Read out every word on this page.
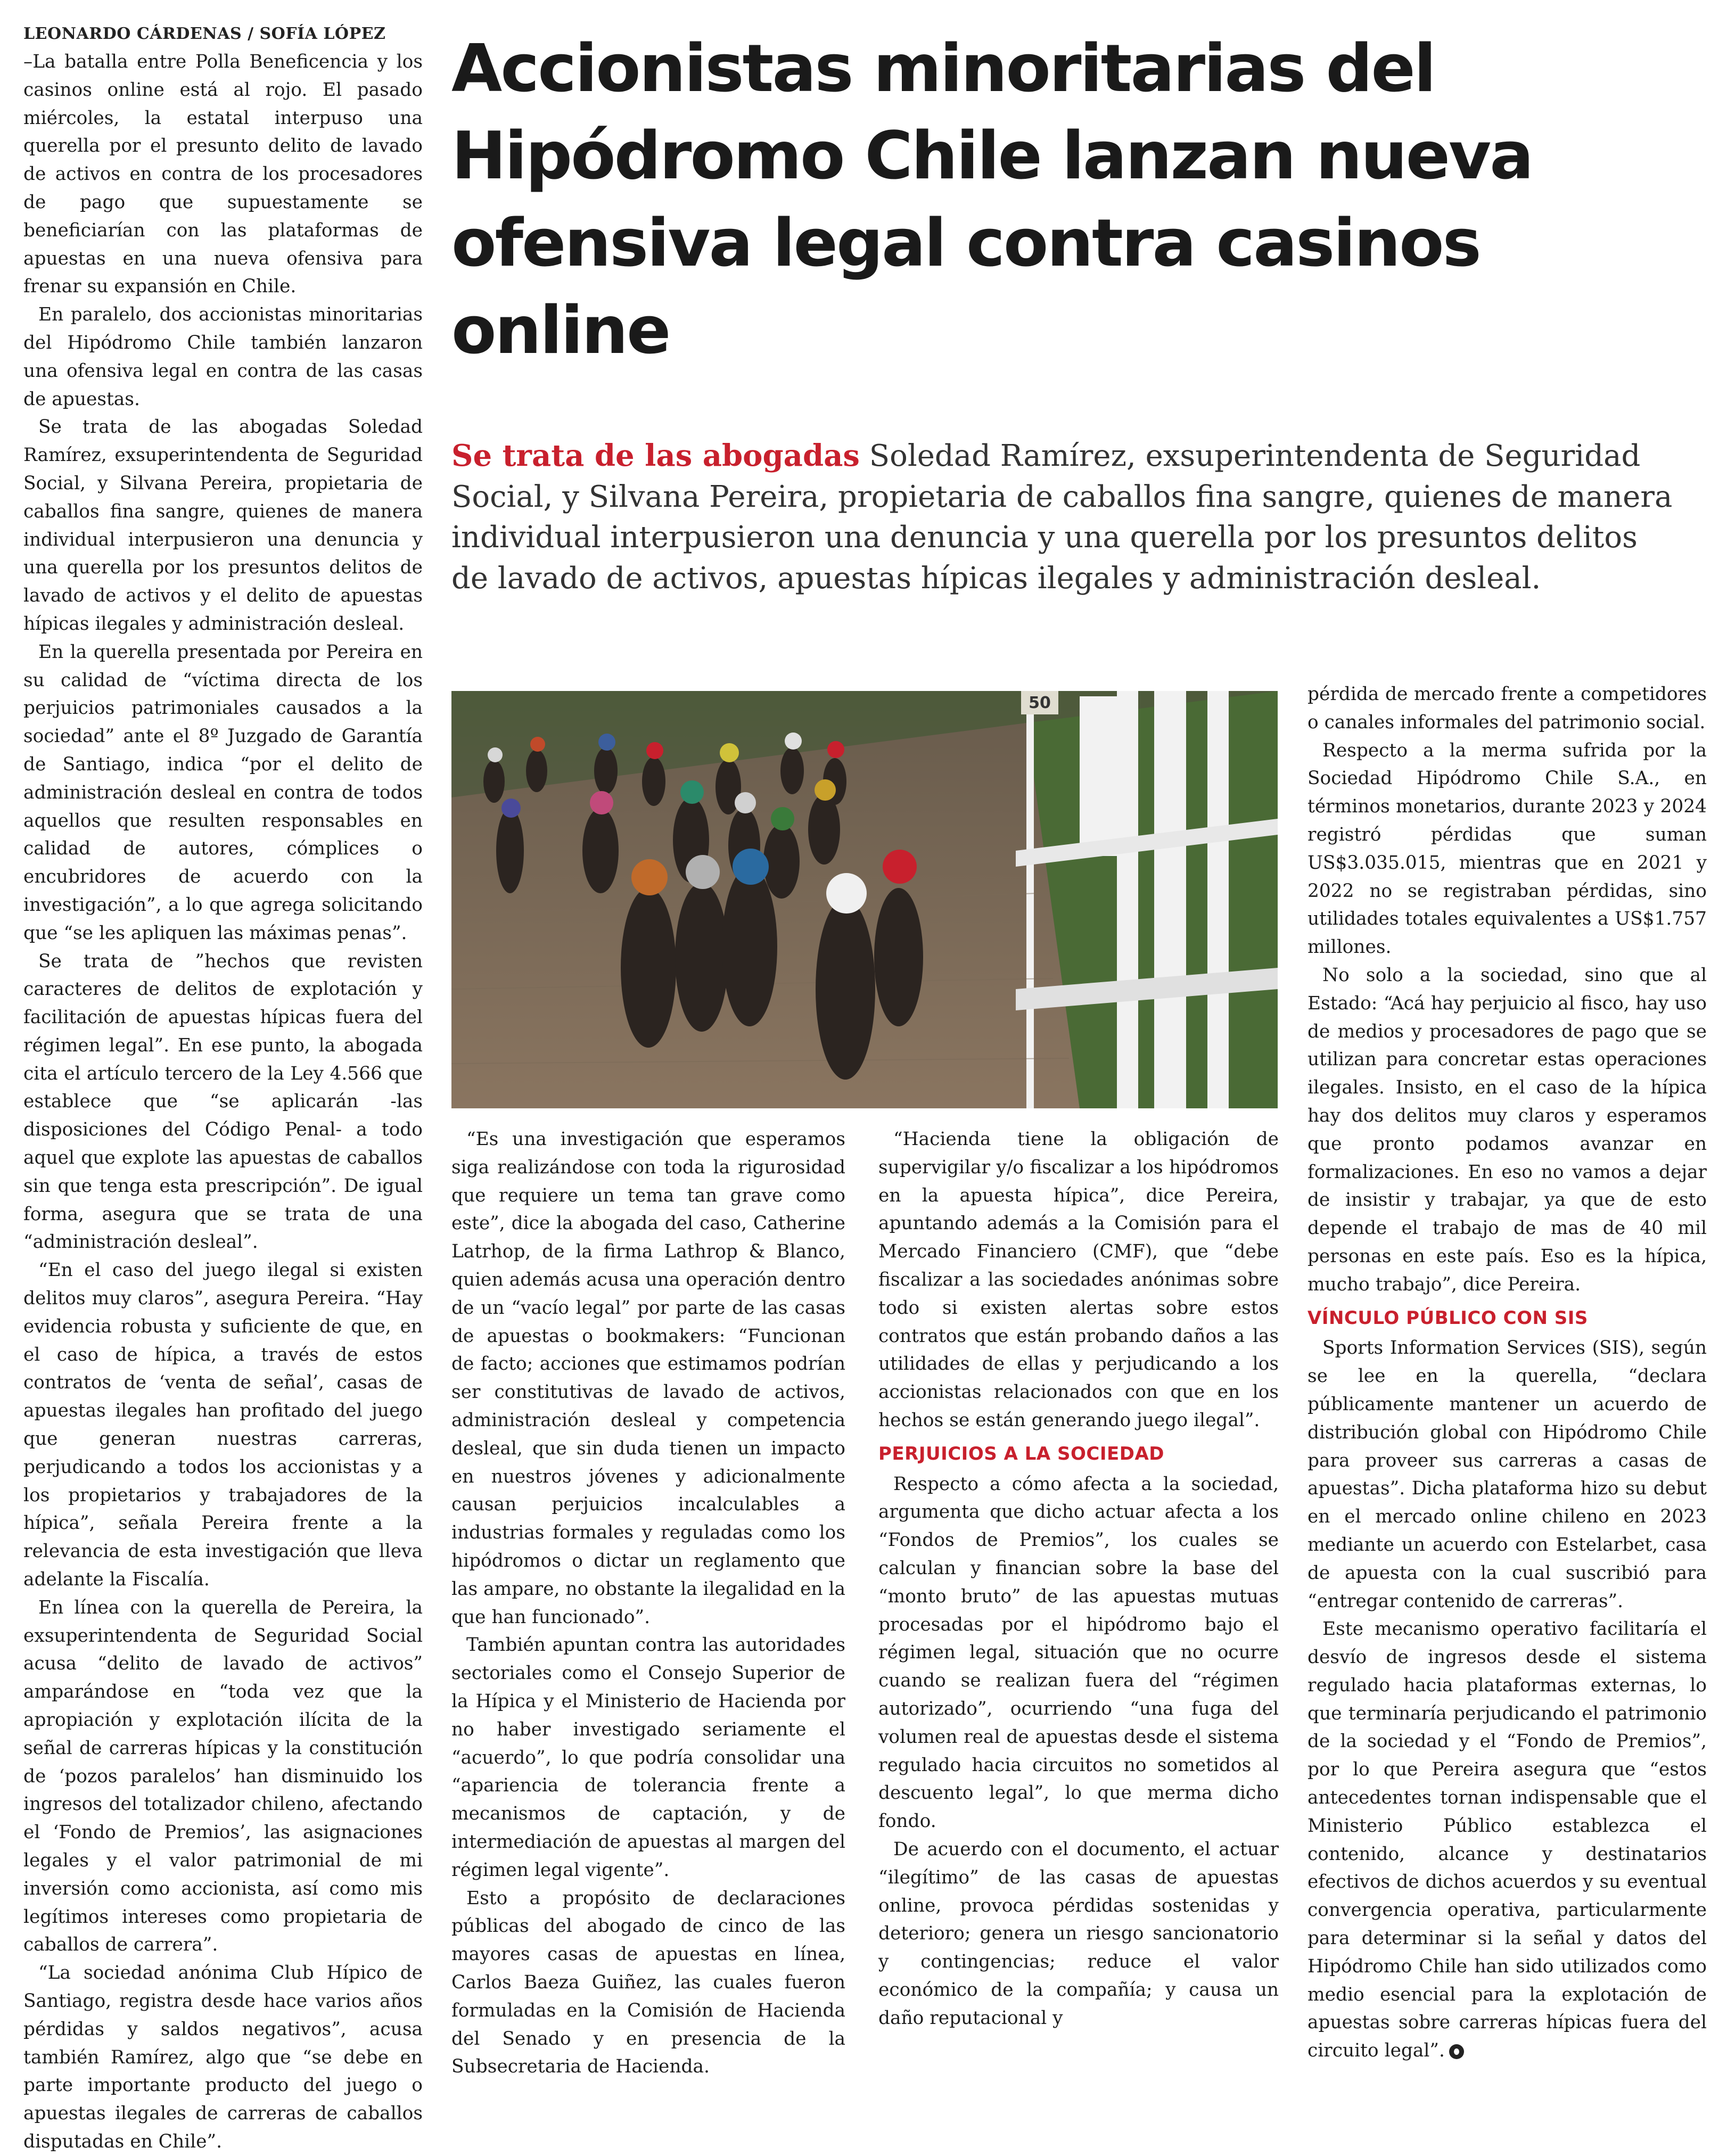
LEONARDO CÁRDENAS / SOFÍA LÓPEZ

–La batalla entre Polla Beneficencia y los casinos online está al rojo. El pasado miércoles, la estatal interpuso una querella por el presunto delito de lavado de activos en contra de los procesadores de pago que supuestamente se beneficiarían con las plataformas de apuestas en una nueva ofensiva para frenar su expansión en Chile.

En paralelo, dos accionistas minoritarias del Hipódromo Chile también lanzaron una ofensiva legal en contra de las casas de apuestas.

Se trata de las abogadas Soledad Ramírez, exsuperintendenta de Seguridad Social, y Silvana Pereira, propietaria de caballos fina sangre, quienes de manera individual interpusieron una denuncia y una querella por los presuntos delitos de lavado de activos y el delito de apuestas hípicas ilegales y administración desleal.

En la querella presentada por Pereira en su calidad de “víctima directa de los perjuicios patrimoniales causados a la sociedad” ante el 8º Juzgado de Garantía de Santiago, indica “por el delito de administración desleal en contra de todos aquellos que resulten responsables en calidad de autores, cómplices o encubridores de acuerdo con la investigación”, a lo que agrega solicitando que “se les apliquen las máximas penas”.

Se trata de ”hechos que revisten caracteres de delitos de explotación y facilitación de apuestas hípicas fuera del régimen legal”. En ese punto, la abogada cita el artículo tercero de la Ley 4.566 que establece que “se aplicarán -las disposiciones del Código Penal- a todo aquel que explote las apuestas de caballos sin que tenga esta prescripción”. De igual forma, asegura que se trata de una “administración desleal”.

“En el caso del juego ilegal si existen delitos muy claros”, asegura Pereira. “Hay evidencia robusta y suficiente de que, en el caso de hípica, a través de estos contratos de ‘venta de señal’, casas de apuestas ilegales han profitado del juego que generan nuestras carreras, perjudicando a todos los accionistas y a los propietarios y trabajadores de la hípica”, señala Pereira frente a la relevancia de esta investigación que lleva adelante la Fiscalía.

En línea con la querella de Pereira, la exsuperintendenta de Seguridad Social acusa “delito de lavado de activos” amparándose en “toda vez que la apropiación y explotación ilícita de la señal de carreras hípicas y la constitución de ‘pozos paralelos’ han disminuido los ingresos del totalizador chileno, afectando el ‘Fondo de Premios’, las asignaciones legales y el valor patrimonial de mi inversión como accionista, así como mis legítimos intereses como propietaria de caballos de carrera”.

“La sociedad anónima Club Hípico de Santiago, registra desde hace varios años pérdidas y saldos negativos”, acusa también Ramírez, algo que “se debe en parte importante producto del juego o apuestas ilegales de carreras de caballos disputadas en Chile”.

Accionistas minoritarias del Hipódromo Chile lanzan nueva ofensiva legal contra casinos online

Se trata de las abogadas Soledad Ramírez, exsuperintendenta de Seguridad Social, y Silvana Pereira, propietaria de caballos fina sangre, quienes de manera individual interpusieron una denuncia y una querella por los presuntos delitos de lavado de activos, apuestas hípicas ilegales y administración desleal.

50

“Es una investigación que esperamos siga realizándose con toda la rigurosidad que requiere un tema tan grave como este”, dice la abogada del caso, Catherine Latrhop, de la firma Lathrop & Blanco, quien además acusa una operación dentro de un “vacío legal” por parte de las casas de apuestas o bookmakers: “Funcionan de facto; acciones que estimamos podrían ser constitutivas de lavado de activos, administración desleal y competencia desleal, que sin duda tienen un impacto en nuestros jóvenes y adicionalmente causan perjuicios incalculables a industrias formales y reguladas como los hipódromos o dictar un reglamento que las ampare, no obstante la ilegalidad en la que han funcionado”.

También apuntan contra las autoridades sectoriales como el Consejo Superior de la Hípica y el Ministerio de Hacienda por no haber investigado seriamente el “acuerdo”, lo que podría consolidar una “apariencia de tolerancia frente a mecanismos de captación, y de intermediación de apuestas al margen del régimen legal vigente”.

Esto a propósito de declaraciones públicas del abogado de cinco de las mayores casas de apuestas en línea, Carlos Baeza Guiñez, las cuales fueron formuladas en la Comisión de Hacienda del Senado y en presencia de la Subsecretaria de Hacienda.

“Hacienda tiene la obligación de supervigilar y/o fiscalizar a los hipódromos en la apuesta hípica”, dice Pereira, apuntando además a la Comisión para el Mercado Financiero (CMF), que “debe fiscalizar a las sociedades anónimas sobre todo si existen alertas sobre estos contratos que están probando daños a las utilidades de ellas y perjudicando a los accionistas relacionados con que en los hechos se están generando juego ilegal”.

PERJUICIOS A LA SOCIEDAD

Respecto a cómo afecta a la sociedad, argumenta que dicho actuar afecta a los “Fondos de Premios”, los cuales se calculan y financian sobre la base del “monto bruto” de las apuestas mutuas procesadas por el hipódromo bajo el régimen legal, situación que no ocurre cuando se realizan fuera del “régimen autorizado”, ocurriendo “una fuga del volumen real de apuestas desde el sistema regulado hacia circuitos no sometidos al descuento legal”, lo que merma dicho fondo.

De acuerdo con el documento, el actuar “ilegítimo” de las casas de apuestas online, provoca pérdidas sostenidas y deterioro; genera un riesgo sancionatorio y contingencias; reduce el valor económico de la compañía; y causa un daño reputacional y

pérdida de mercado frente a competidores o canales informales del patrimonio social.

Respecto a la merma sufrida por la Sociedad Hipódromo Chile S.A., en términos monetarios, durante 2023 y 2024 registró pérdidas que suman US$3.035.015, mientras que en 2021 y 2022 no se registraban pérdidas, sino utilidades totales equivalentes a US$1.757 millones.

No solo a la sociedad, sino que al Estado: “Acá hay perjuicio al fisco, hay uso de medios y procesadores de pago que se utilizan para concretar estas operaciones ilegales. Insisto, en el caso de la hípica hay dos delitos muy claros y esperamos que pronto podamos avanzar en formalizaciones. En eso no vamos a dejar de insistir y trabajar, ya que de esto depende el trabajo de mas de 40 mil personas en este país. Eso es la hípica, mucho trabajo”, dice Pereira.

VÍNCULO PÚBLICO CON SIS

Sports Information Services (SIS), según se lee en la querella, “declara públicamente mantener un acuerdo de distribución global con Hipódromo Chile para proveer sus carreras a casas de apuestas”. Dicha plataforma hizo su debut en el mercado online chileno en 2023 mediante un acuerdo con Estelarbet, casa de apuesta con la cual suscribió para “entregar contenido de carreras”.

Este mecanismo operativo facilitaría el desvío de ingresos desde el sistema regulado hacia plataformas externas, lo que terminaría perjudicando el patrimonio de la sociedad y el “Fondo de Premios”, por lo que Pereira asegura que “estos antecedentes tornan indispensable que el Ministerio Público establezca el contenido, alcance y destinatarios efectivos de dichos acuerdos y su eventual convergencia operativa, particularmente para determinar si la señal y datos del Hipódromo Chile han sido utilizados como medio esencial para la explotación de apuestas sobre carreras hípicas fuera del circuito legal”.
